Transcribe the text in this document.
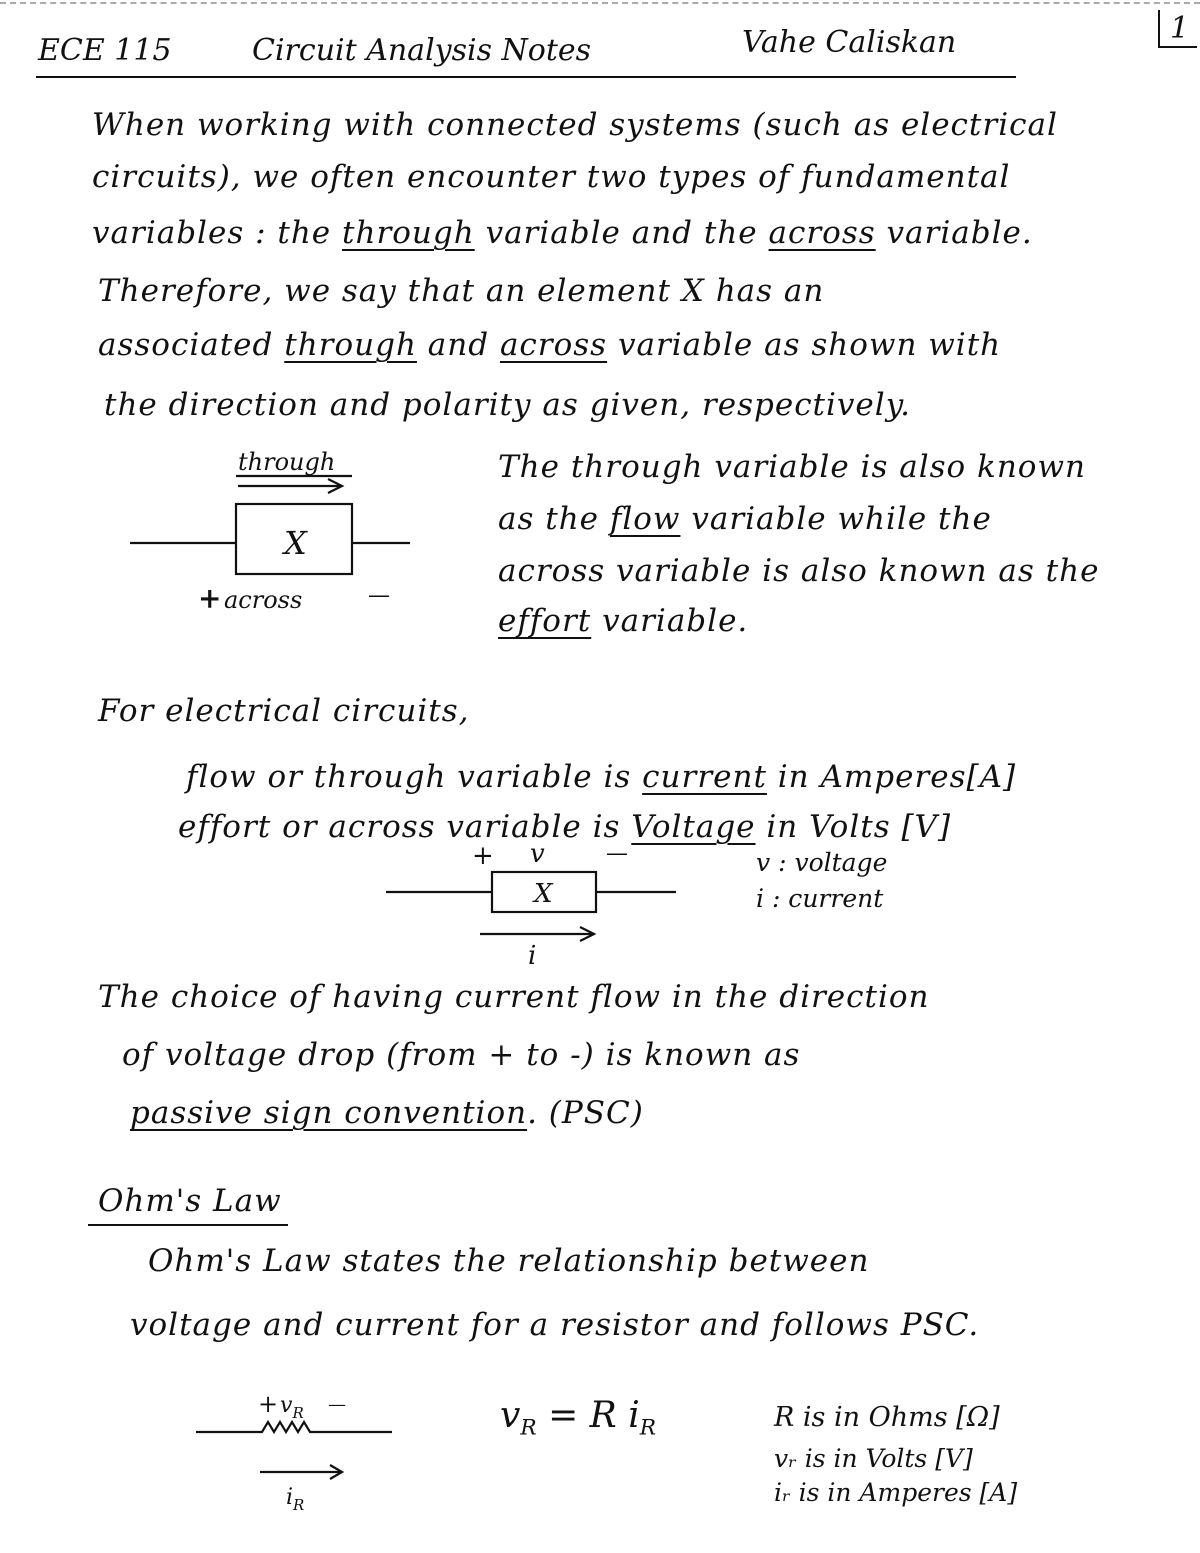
ECE 115	Circuit Analysis Notes	Vahe Caliskan	1
When working with connected systems (such as electrical
circuits), we often encounter two types of fundamental
variables : the through variable and the across variable.
Therefore, we say that an element X has an
associated through and across variable as shown with
the direction and polarity as given, respectively.
through
X
+ across	—
The through variable is also known
as the flow variable while the
across variable is also known as the
effort variable.
For electrical circuits,
flow or through variable is current in Amperes[A]
effort or across variable is Voltage in Volts [V]
+ v	—
X
i
v : voltage
i : current
The choice of having current flow in the direction
of voltage drop (from + to -) is known as
passive sign convention. (PSC)
Ohm's Law
Ohm's Law states the relationship between
voltage and current for a resistor and follows PSC.
+ $v_R$ —
$i_R$
$v_R = R$ $i_R$	R is in Ohms [Ω]
vᵣ is in Volts [V]
iᵣ is in Amperes [A]
